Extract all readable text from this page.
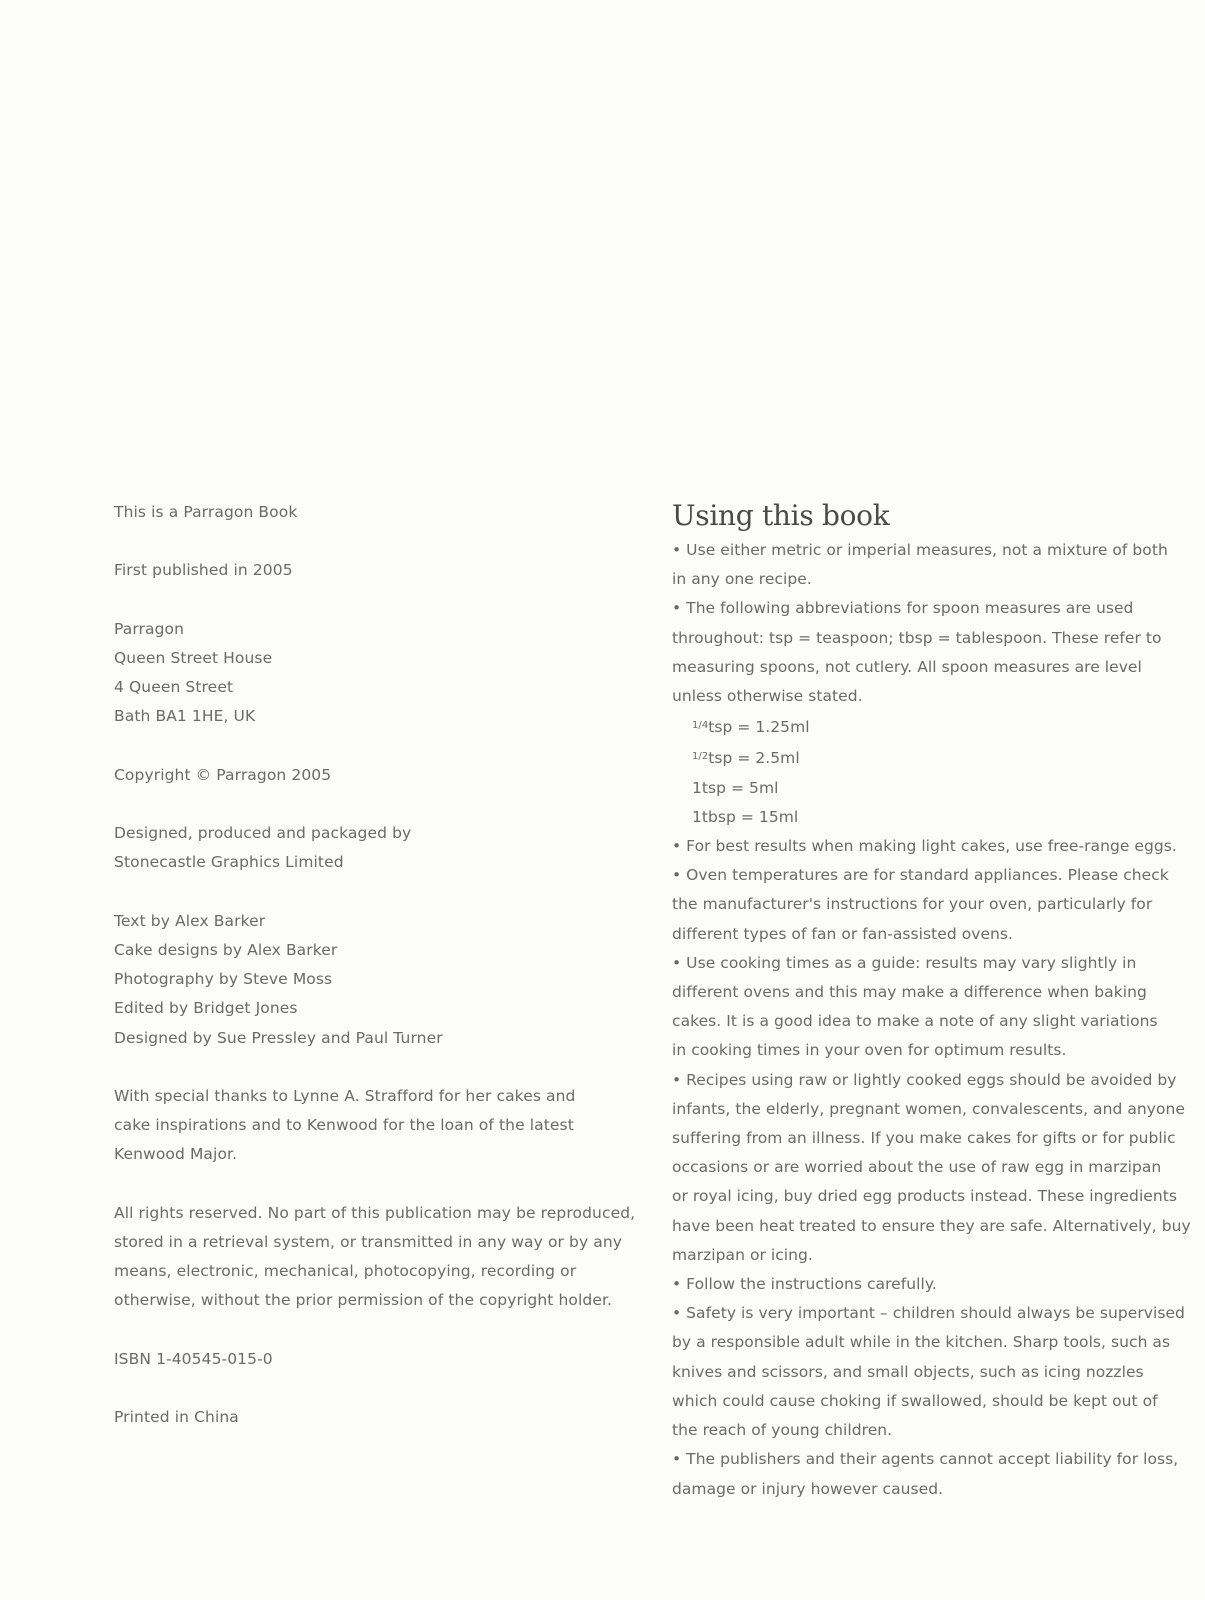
This is a Parragon Book
First published in 2005
Parragon
Queen Street House
4 Queen Street
Bath BA1 1HE, UK
Copyright © Parragon 2005
Designed, produced and packaged by
Stonecastle Graphics Limited
Text by Alex Barker
Cake designs by Alex Barker
Photography by Steve Moss
Edited by Bridget Jones
Designed by Sue Pressley and Paul Turner
With special thanks to Lynne A. Strafford for her cakes and
cake inspirations and to Kenwood for the loan of the latest
Kenwood Major.
All rights reserved. No part of this publication may be reproduced,
stored in a retrieval system, or transmitted in any way or by any
means, electronic, mechanical, photocopying, recording or
otherwise, without the prior permission of the copyright holder.
ISBN 1-40545-015-0
Printed in China
Using this book
• Use either metric or imperial measures, not a mixture of both
in any one recipe.
• The following abbreviations for spoon measures are used
throughout: tsp = teaspoon; tbsp = tablespoon. These refer to
measuring spoons, not cutlery. All spoon measures are level
unless otherwise stated.
$^{1/4}$tsp = 1.25ml
$^{1/2}$tsp = 2.5ml
1tsp = 5ml
1tbsp = 15ml
• For best results when making light cakes, use free-range eggs.
• Oven temperatures are for standard appliances. Please check
the manufacturer's instructions for your oven, particularly for
different types of fan or fan-assisted ovens.
• Use cooking times as a guide: results may vary slightly in
different ovens and this may make a difference when baking
cakes. It is a good idea to make a note of any slight variations
in cooking times in your oven for optimum results.
• Recipes using raw or lightly cooked eggs should be avoided by
infants, the elderly, pregnant women, convalescents, and anyone
suffering from an illness. If you make cakes for gifts or for public
occasions or are worried about the use of raw egg in marzipan
or royal icing, buy dried egg products instead. These ingredients
have been heat treated to ensure they are safe. Alternatively, buy
marzipan or icing.
• Follow the instructions carefully.
• Safety is very important – children should always be supervised
by a responsible adult while in the kitchen. Sharp tools, such as
knives and scissors, and small objects, such as icing nozzles
which could cause choking if swallowed, should be kept out of
the reach of young children.
• The publishers and their agents cannot accept liability for loss,
damage or injury however caused.
